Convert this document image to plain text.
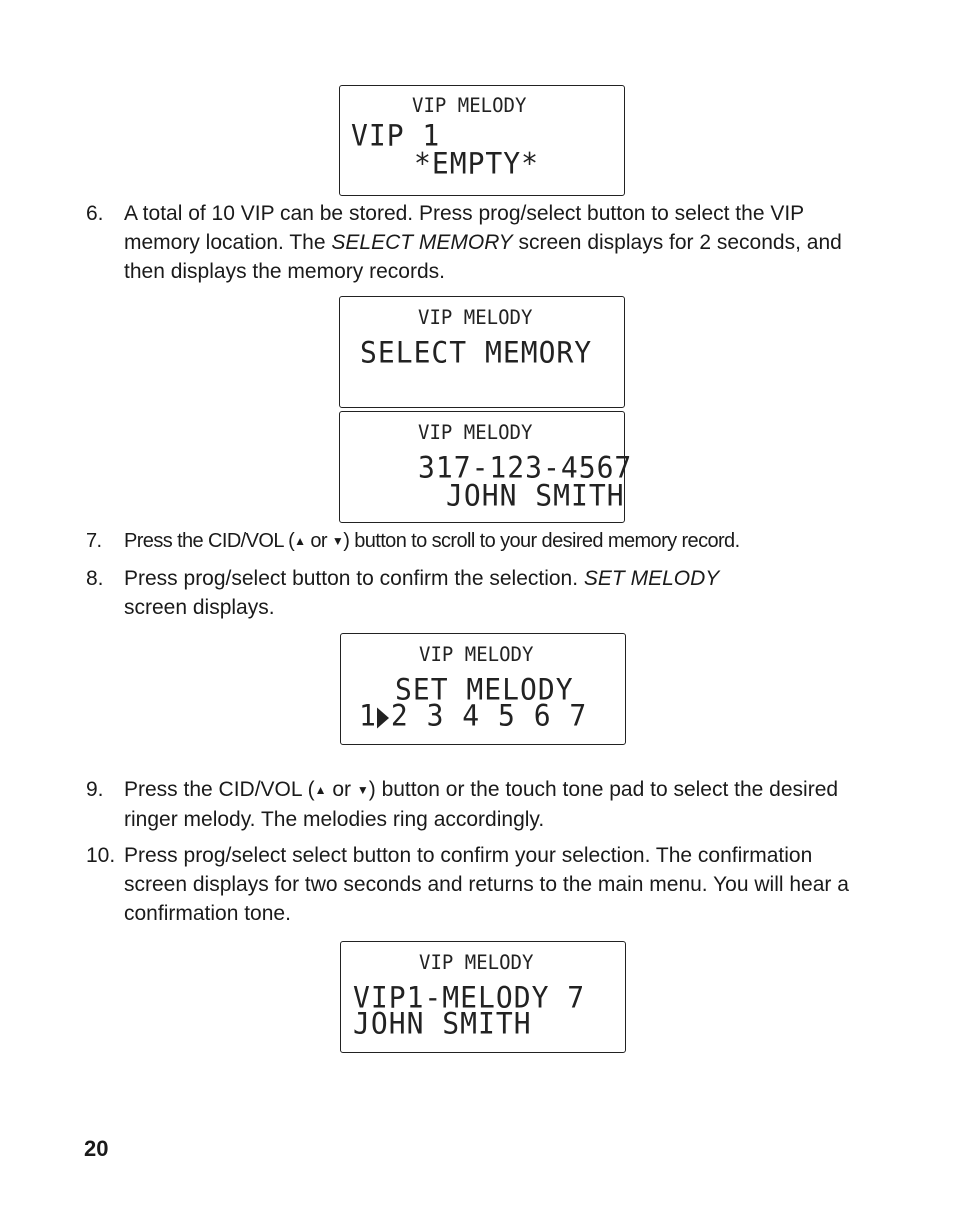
VIP MELODY
VIP 1
*EMPTY*
6. A total of 10 VIP can be stored. Press prog/select button to select the VIP memory location. The SELECT MEMORY screen displays for 2 seconds, and then displays the memory records.
VIP MELODY
SELECT MEMORY
VIP MELODY
317-123-4567
JOHN SMITH
7. Press the CID/VOL (▲ or ▼) button to scroll to your desired memory record.
8. Press prog/select button to confirm the selection. SET MELODY
screen displays.
VIP MELODY
SET MELODY
1 2 3 4 5 6 7
9. Press the CID/VOL (▲ or ▼) button or the touch tone pad to select the desired ringer melody. The melodies ring accordingly.
10. Press prog/select select button to confirm your selection. The confirmation screen displays for two seconds and returns to the main menu. You will hear a confirmation tone.
VIP MELODY
VIP1-MELODY 7
JOHN SMITH
20
